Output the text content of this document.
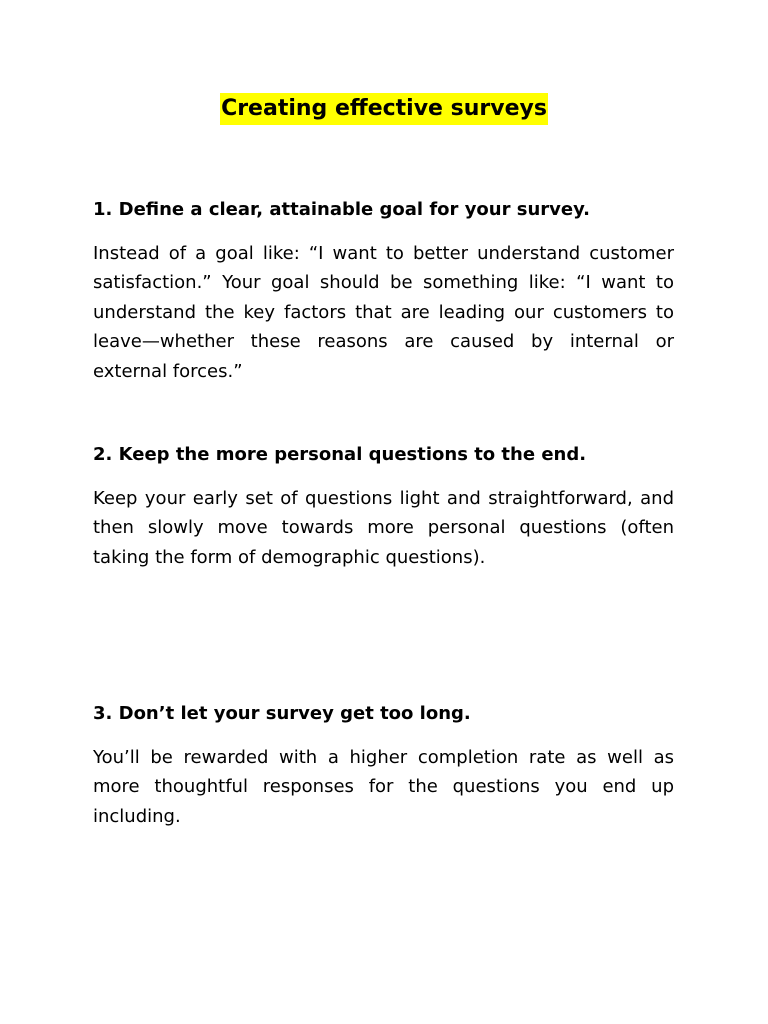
Creating effective surveys

1. Define a clear, attainable goal for your survey.

Instead of a goal like: “I want to better understand customer satisfaction.” Your goal should be something like: “I want to understand the key factors that are leading our customers to leave—whether these reasons are caused by internal or external forces.”

2. Keep the more personal questions to the end.

Keep your early set of questions light and straightforward, and then slowly move towards more personal questions (often taking the form of demographic questions).

3. Don’t let your survey get too long.

You’ll be rewarded with a higher completion rate as well as more thoughtful responses for the questions you end up including.
